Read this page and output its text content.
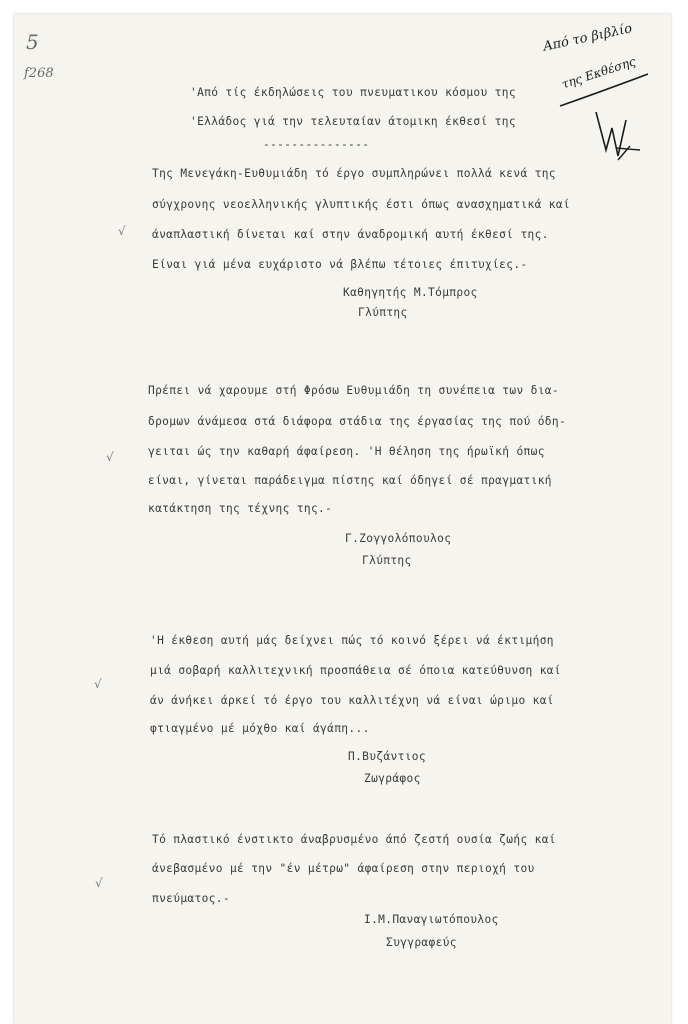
5
f268
Από το βιβλίο
της Εκθέσης
'Από τίς έκδηλώσεις του πνευματικου κόσμου της
'Ελλάδος γιά την τελευταίαν άτομικη έκθεσί της
---------------
Της Μενεγάκη-Ευθυμιάδη τό έργο συμπληρώνει πολλά κενά της
σύγχρονης νεοελληνικής γλυπτικής έστι όπως ανασχηματικά καί
άναπλαστική δίνεται καί στην άναδρομική αυτή έκθεσί της.
Είναι γιά μένα ευχάριστο νά βλέπω τέτοιες έπιτυχίες.-
Καθηγητής Μ.Τόμπρος
Γλύπτης
√
Πρέπει νά χαρουμε στή Φρόσω Ευθυμιάδη τη συνέπεια των δια-
δρομων άνάμεσα στά διάφορα στάδια της έργασίας της πού όδη-
γειται ώς την καθαρή άφαίρεση. 'Η θέληση της ήρωϊκή όπως
είναι, γίνεται παράδειγμα πίστης καί όδηγεί σέ πραγματική
κατάκτηση της τέχνης της.-
Γ.Ζογγολόπουλος
Γλύπτης
√
'Η έκθεση αυτή μάς δείχνει πώς τό κοινό ξέρει νά έκτιμήση
μιά σοβαρή καλλιτεχνική προσπάθεια σέ όποια κατεύθυνση καί
άν άνήκει άρκεί τό έργο του καλλιτέχνη νά είναι ώριμο καί
φτιαγμένο μέ μόχθο καί άγάπη...
Π.Βυζάντιος
Ζωγράφος
√
Τό πλαστικό ένστικτο άναβρυσμένο άπό ζεστή ουσία ζωής καί
άνεβασμένο μέ την "έν μέτρω" άφαίρεση στην περιοχή του
πνεύματος.-
Ι.Μ.Παναγιωτόπουλος
Συγγραφεύς
√
